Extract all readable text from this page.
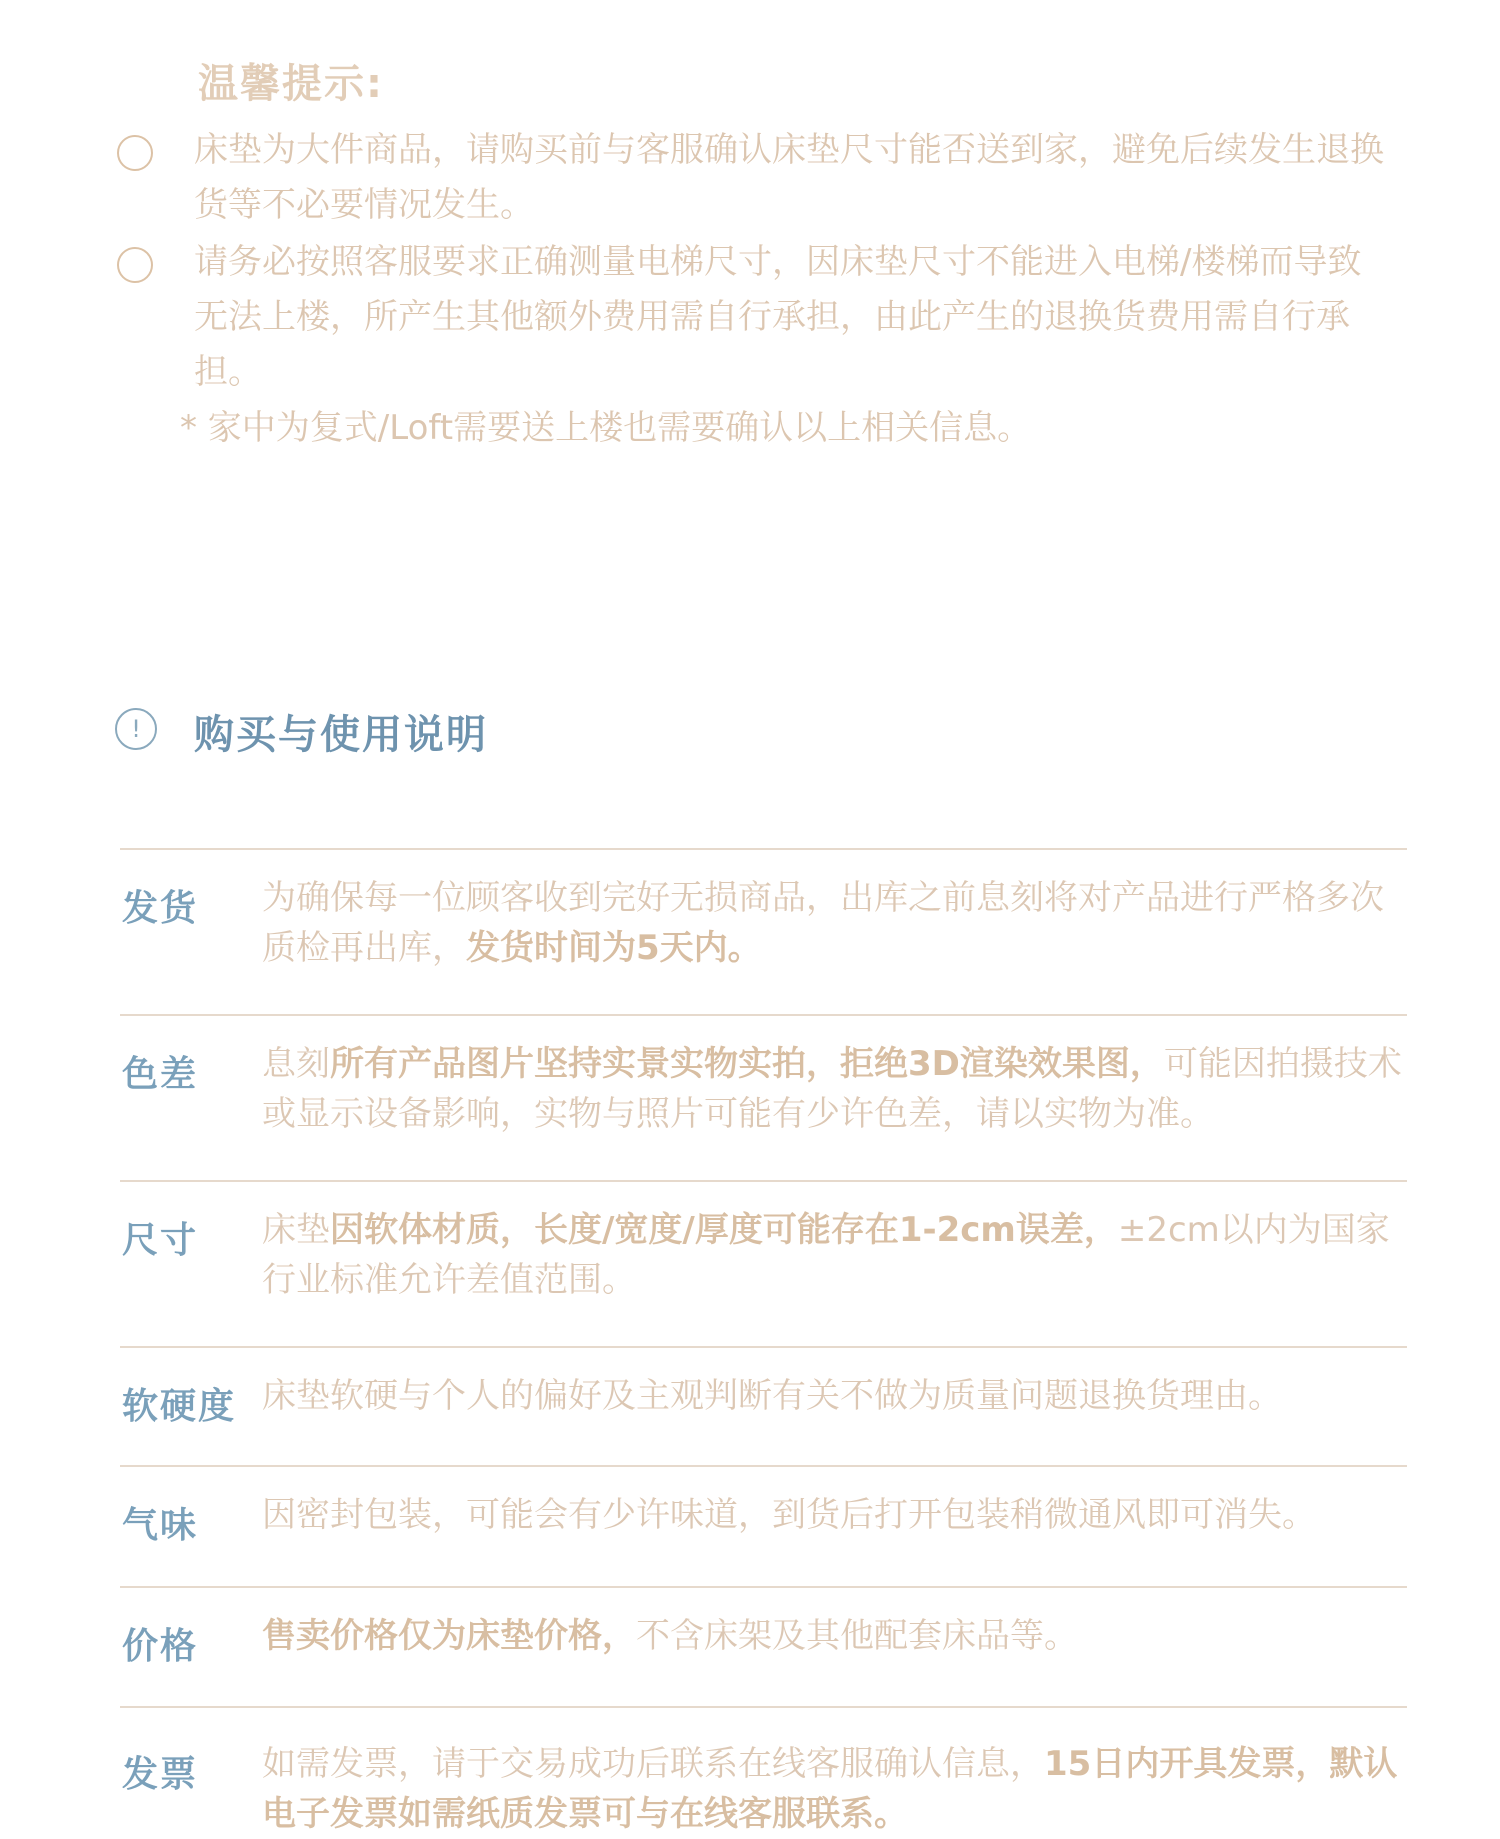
温馨提示:
床垫为大件商品，请购买前与客服确认床垫尺寸能否送到家，避免后续发生退换货等不必要情况发生。
请务必按照客服要求正确测量电梯尺寸，因床垫尺寸不能进入电梯/楼梯而导致无法上楼，所产生其他额外费用需自行承担，由此产生的退换货费用需自行承担。
* 家中为复式/Loft需要送上楼也需要确认以上相关信息。
!	购买与使用说明
发货 为确保每一位顾客收到完好无损商品，出库之前息刻将对产品进行严格多次质检再出库，发货时间为5天内。
色差 息刻所有产品图片坚持实景实物实拍，拒绝3D渲染效果图，可能因拍摄技术或显示设备影响，实物与照片可能有少许色差，请以实物为准。
尺寸 床垫因软体材质，长度/宽度/厚度可能存在1-2cm误差，±2cm以内为国家行业标准允许差值范围。
软硬度 床垫软硬与个人的偏好及主观判断有关不做为质量问题退换货理由。
气味 因密封包装，可能会有少许味道，到货后打开包装稍微通风即可消失。
价格 售卖价格仅为床垫价格，不含床架及其他配套床品等。
发票 如需发票，请于交易成功后联系在线客服确认信息，15日内开具发票，默认电子发票如需纸质发票可与在线客服联系。
